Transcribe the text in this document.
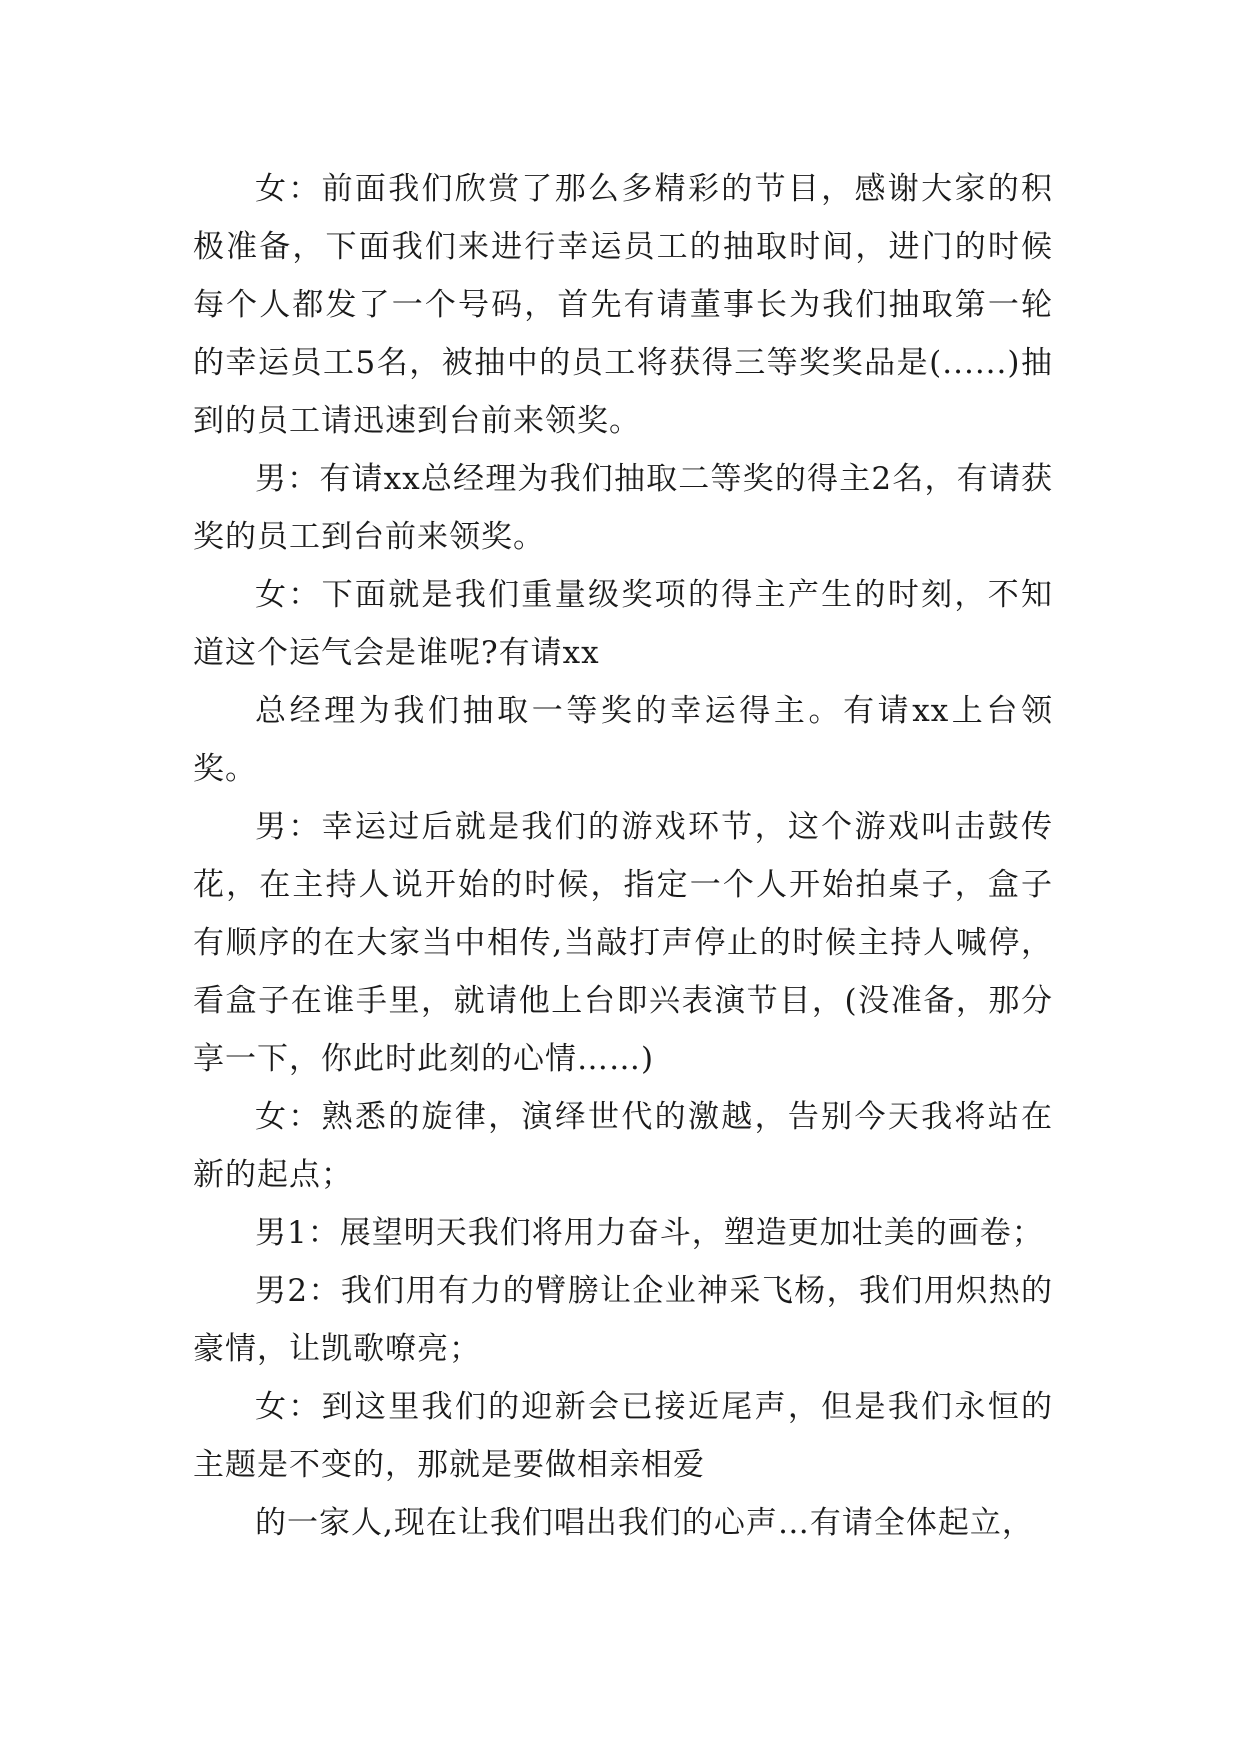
女：前面我们欣赏了那么多精彩的节目，感谢大家的积极准备，下面我们来进行幸运员工的抽取时间，进门的时候每个人都发了一个号码，首先有请董事长为我们抽取第一轮的幸运员工5名，被抽中的员工将获得三等奖奖品是(......)抽到的员工请迅速到台前来领奖。

男：有请xx总经理为我们抽取二等奖的得主2名，有请获奖的员工到台前来领奖。

女：下面就是我们重量级奖项的得主产生的时刻，不知道这个运气会是谁呢?有请xx

总经理为我们抽取一等奖的幸运得主。有请xx上台领奖。

男：幸运过后就是我们的游戏环节，这个游戏叫击鼓传花，在主持人说开始的时候，指定一个人开始拍桌子，盒子有顺序的在大家当中相传,当敲打声停止的时候主持人喊停，看盒子在谁手里，就请他上台即兴表演节目，(没准备，那分享一下，你此时此刻的心情……)

女：熟悉的旋律，演绎世代的激越，告别今天我将站在新的起点；

男1：展望明天我们将用力奋斗，塑造更加壮美的画卷；

男2：我们用有力的臂膀让企业神采飞杨，我们用炽热的豪情，让凯歌嘹亮；

女：到这里我们的迎新会已接近尾声，但是我们永恒的主题是不变的，那就是要做相亲相爱

的一家人,现在让我们唱出我们的心声…有请全体起立，
